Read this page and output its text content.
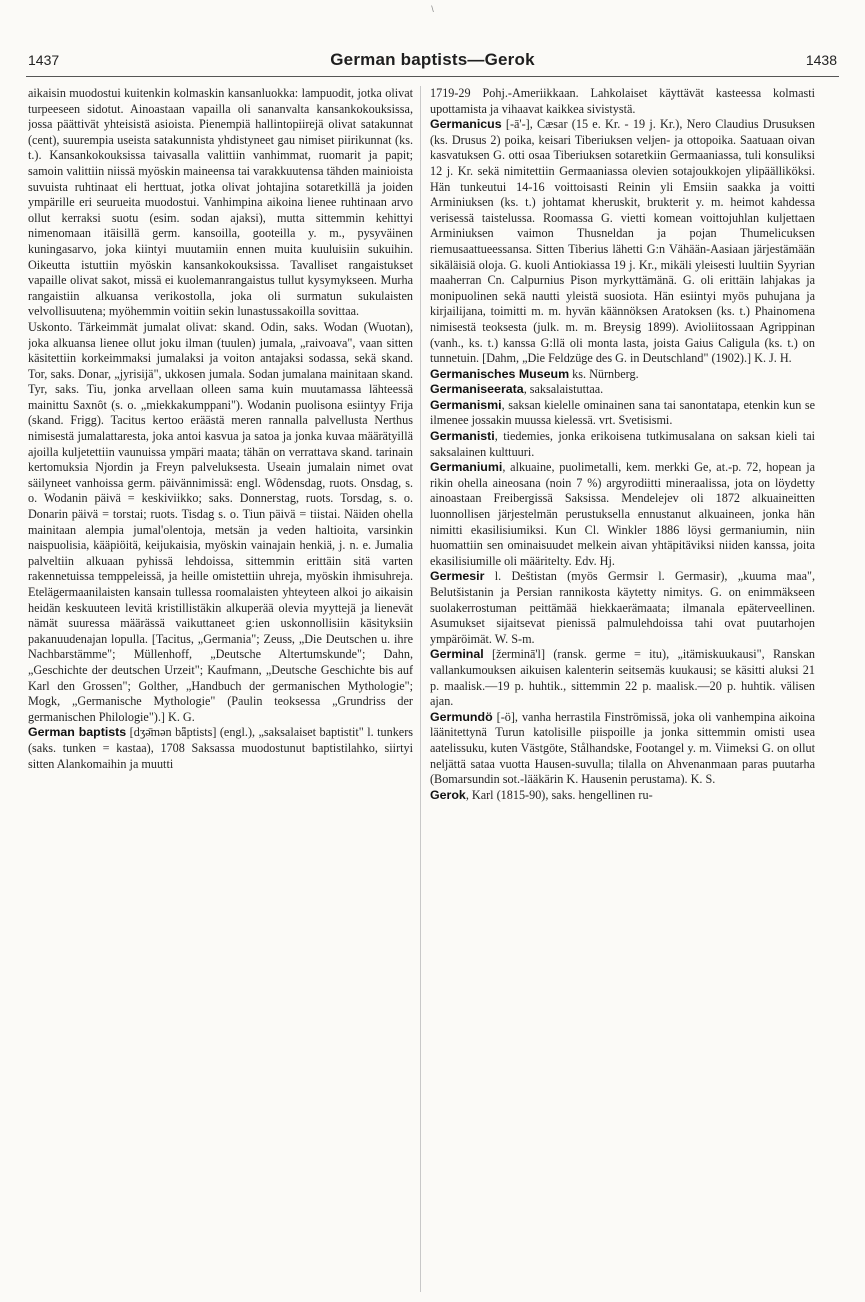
\
1437	German baptists—Gerok	1438

aikaisin muodostui kuitenkin kolmaskin kansanluokka: lampuodit, jotka olivat turpeeseen sidotut. Ainoastaan vapailla oli sananvalta kansankokouksissa, jossa päättivät yhteisistä asioista. Pienempiä hallintopiirejä olivat satakunnat (cent), suurempia useista satakunnista yhdistyneet gau nimiset piirikunnat (ks. t.). Kansankokouksissa taivasalla valittiin vanhimmat, ruomarit ja papit; samoin valittiin niissä myöskin maineensa tai varakkuutensa tähden mainioista suvuista ruhtinaat eli herttuat, jotka olivat johtajina sotaretkillä ja joiden ympärille eri seurueita muodostui. Vanhimpina aikoina lienee ruhtinaan arvo ollut kerraksi suotu (esim. sodan ajaksi), mutta sittemmin kehittyi nimenomaan itäisillä germ. kansoilla, gooteilla y. m., pysyväinen kuningasarvo, joka kiintyi muutamiin ennen muita kuuluisiin sukuihin. Oikeutta istuttiin myöskin kansankokouksissa. Tavalliset rangaistukset vapaille olivat sakot, missä ei kuolemanrangaistus tullut kysymykseen. Murha rangaistiin alkuansa verikostolla, joka oli surmatun sukulaisten velvollisuutena; myöhemmin voitiin sekin lunastussakoilla sovittaa.

Uskonto. Tärkeimmät jumalat olivat: skand. Odin, saks. Wodan (Wuotan), joka alkuansa lienee ollut joku ilman (tuulen) jumala, „raivoava", vaan sitten käsitettiin korkeimmaksi jumalaksi ja voiton antajaksi sodassa, sekä skand. Tor, saks. Donar, „jyrisijä", ukkosen jumala. Sodan jumalana mainitaan skand. Tyr, saks. Tiu, jonka arvellaan olleen sama kuin muutamassa lähteessä mainittu Saxnôt (s. o. „miekkakumppani"). Wodanin puolisona esiintyy Frija (skand. Frigg). Tacitus kertoo eräästä meren rannalla palvellusta Nerthus nimisestä jumalattaresta, joka antoi kasvua ja satoa ja jonka kuvaa määrätyillä ajoilla kuljetettiin vaunuissa ympäri maata; tähän on verrattava skand. tarinain kertomuksia Njordin ja Freyn palveluksesta. Useain jumalain nimet ovat säilyneet vanhoissa germ. päivännimissä: engl. Wôdensdag, ruots. Onsdag, s. o. Wodanin päivä = keskiviikko; saks. Donnerstag, ruots. Torsdag, s. o. Donarin päivä = torstai; ruots. Tisdag s. o. Tiun päivä = tiistai. Näiden ohella mainitaan alempia jumal'olentoja, metsän ja veden haltioita, varsinkin naispuolisia, kääpiöitä, keijukaisia, myöskin vainajain henkiä, j. n. e. Jumalia palveltiin alkuaan pyhissä lehdoissa, sittemmin erittäin sitä varten rakennetuissa temppeleissä, ja heille omistettiin uhreja, myöskin ihmisuhreja. Etelägermaanilaisten kansain tullessa roomalaisten yhteyteen alkoi jo aikaisin heidän keskuuteen levitä kristillistäkin alkuperää olevia myyttejä ja lienevät nämät suuressa määrässä vaikuttaneet g:ien uskonnollisiin käsityksiin pakanuudenajan lopulla. [Tacitus, „Germania"; Zeuss, „Die Deutschen u. ihre Nachbarstämme"; Müllenhoff, „Deutsche Altertumskunde"; Dahn, „Geschichte der deutschen Urzeit"; Kaufmann, „Deutsche Geschichte bis auf Karl den Grossen"; Golther, „Handbuch der germanischen Mythologie"; Mogk, „Germanische Mythologie" (Paulin teoksessa „Grundriss der germanischen Philologie").] K. G.

German baptists [dʒə̄mən bǟptists] (engl.), „saksalaiset baptistit" l. tunkers (saks. tunken = kastaa), 1708 Saksassa muodostunut baptistilahko, siirtyi sitten Alankomaihin ja muutti

1719-29 Pohj.-Ameriikkaan. Lahkolaiset käyttävät kasteessa kolmasti upottamista ja vihaavat kaikkea sivistystä.

Germanicus [-ā'-], Cæsar (15 e. Kr. - 19 j. Kr.), Nero Claudius Drusuksen (ks. Drusus 2) poika, keisari Tiberiuksen veljen- ja ottopoika. Saatuaan oivan kasvatuksen G. otti osaa Tiberiuksen sotaretkiin Germaaniassa, tuli konsuliksi 12 j. Kr. sekä nimitettiin Germaaniassa olevien sotajoukkojen ylipäälliköksi. Hän tunkeutui 14-16 voittoisasti Reinin yli Emsiin saakka ja voitti Arminiuksen (ks. t.) johtamat kheruskit, brukterit y. m. heimot kahdessa verisessä taistelussa. Roomassa G. vietti komean voittojuhlan kuljettaen Arminiuksen vaimon Thusneldan ja pojan Thumelicuksen riemusaattueessansa. Sitten Tiberius lähetti G:n Vähään-Aasiaan järjestämään sikäläisiä oloja. G. kuoli Antiokiassa 19 j. Kr., mikäli yleisesti luultiin Syyrian maaherran Cn. Calpurnius Pison myrkyttämänä. G. oli erittäin lahjakas ja monipuolinen sekä nautti yleistä suosiota. Hän esiintyi myös puhujana ja kirjailijana, toimitti m. m. hyvän käännöksen Aratoksen (ks. t.) Phainomena nimisestä teoksesta (julk. m. m. Breysig 1899). Avioliitossaan Agrippinan (vanh., ks. t.) kanssa G:llä oli monta lasta, joista Gaius Caligula (ks. t.) on tunnetuin. [Dahm, „Die Feldzüge des G. in Deutschland" (1902).] K. J. H.

Germanisches Museum ks. Nürnberg.

Germaniseerata, saksalaistuttaa.

Germanismi, saksan kielelle ominainen sana tai sanontatapa, etenkin kun se ilmenee jossakin muussa kielessä. vrt. Svetisismi.

Germanisti, tiedemies, jonka erikoisena tutkimusalana on saksan kieli tai saksalainen kulttuuri.

Germaniumi, alkuaine, puolimetalli, kem. merkki Ge, at.-p. 72, hopean ja rikin ohella aineosana (noin 7 %) argyrodiitti mineraalissa, jota on löydetty ainoastaan Freibergissä Saksissa. Mendelejev oli 1872 alkuaineitten luonnollisen järjestelmän perustuksella ennustanut alkuaineen, jonka hän nimitti ekasilisiumiksi. Kun Cl. Winkler 1886 löysi germaniumin, niin huomattiin sen ominaisuudet melkein aivan yhtäpitäviksi niiden kanssa, joita ekasilisiumille oli määritelty. Edv. Hj.

Germesir l. Deštistan (myös Germsir l. Germasir), „kuuma maa", Belutšistanin ja Persian rannikosta käytetty nimitys. G. on enimmäkseen suolakerrostuman peittämää hiekkaerämaata; ilmanala epäterveellinen. Asumukset sijaitsevat pienissä palmulehdoissa tahi ovat puutarhojen ympäröimät. W. S-m.

Germinal [žerminā'l] (ransk. germe = itu), „itämiskuukausi", Ranskan vallankumouksen aikuisen kalenterin seitsemäs kuukausi; se käsitti aluksi 21 p. maalisk.—19 p. huhtik., sittemmin 22 p. maalisk.—20 p. huhtik. välisen ajan.

Germundö [-ö], vanha herrastila Finströmissä, joka oli vanhempina aikoina läänitettynä Turun katolisille piispoille ja jonka sittemmin omisti usea aatelissuku, kuten Västgöte, Stålhandske, Footangel y. m. Viimeksi G. on ollut neljättä sataa vuotta Hausen-suvulla; tilalla on Ahvenanmaan paras puutarha (Bomarsundin sot.-lääkärin K. Hausenin perustama). K. S.

Gerok, Karl (1815-90), saks. hengellinen ru-
